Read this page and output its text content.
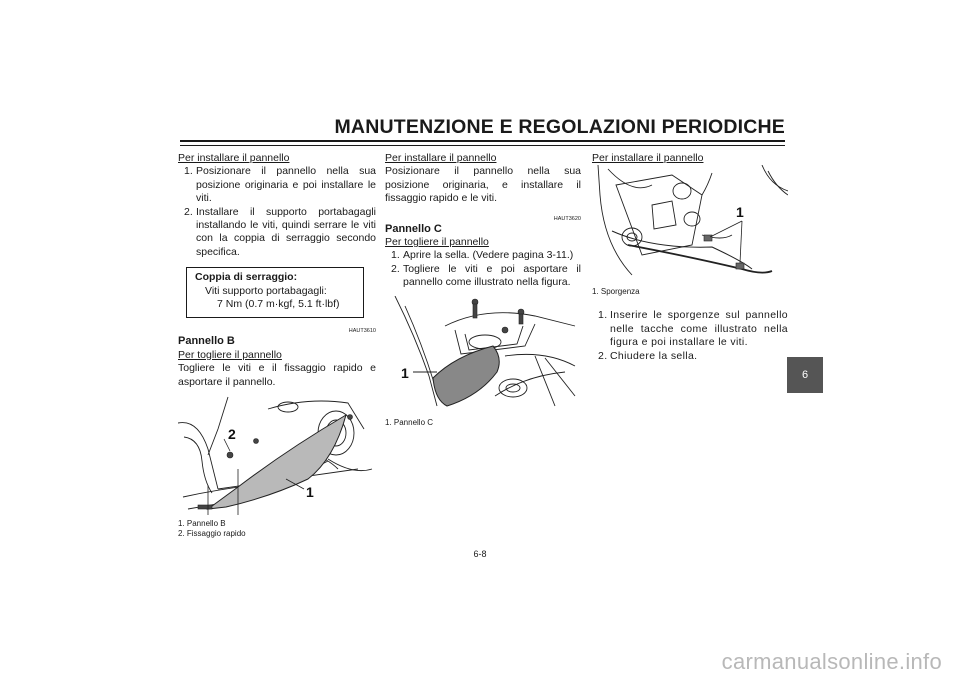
MANUTENZIONE E REGOLAZIONI PERIODICHE
Per installare il pannello
1. Posizionare il pannello nella sua posizione originaria e poi installare le viti.
2. Installare il supporto portabagagli installando le viti, quindi serrare le viti con la coppia di serraggio secondo specifica.
Coppia di serraggio:
Viti supporto portabagagli:
7 Nm (0.7 m·kgf, 5.1 ft·lbf)
HAUT3610
Pannello B
Per togliere il pannello
Togliere le viti e il fissaggio rapido e asportare il pannello.
2
1
1. Pannello B
2. Fissaggio rapido
Per installare il pannello
Posizionare il pannello nella sua posizione originaria, e installare il fissaggio rapido e le viti.
HAUT3620
Pannello C
Per togliere il pannello
1. Aprire la sella. (Vedere pagina 3-11.)
2. Togliere le viti e poi asportare il pannello come illustrato nella figura.
1
1. Pannello C
Per installare il pannello
1
1. Sporgenza
1. Inserire le sporgenze sul pannello nelle tacche come illustrato nella figura e poi installare le viti.
2. Chiudere la sella.
6
6-8
carmanualsonline.info
